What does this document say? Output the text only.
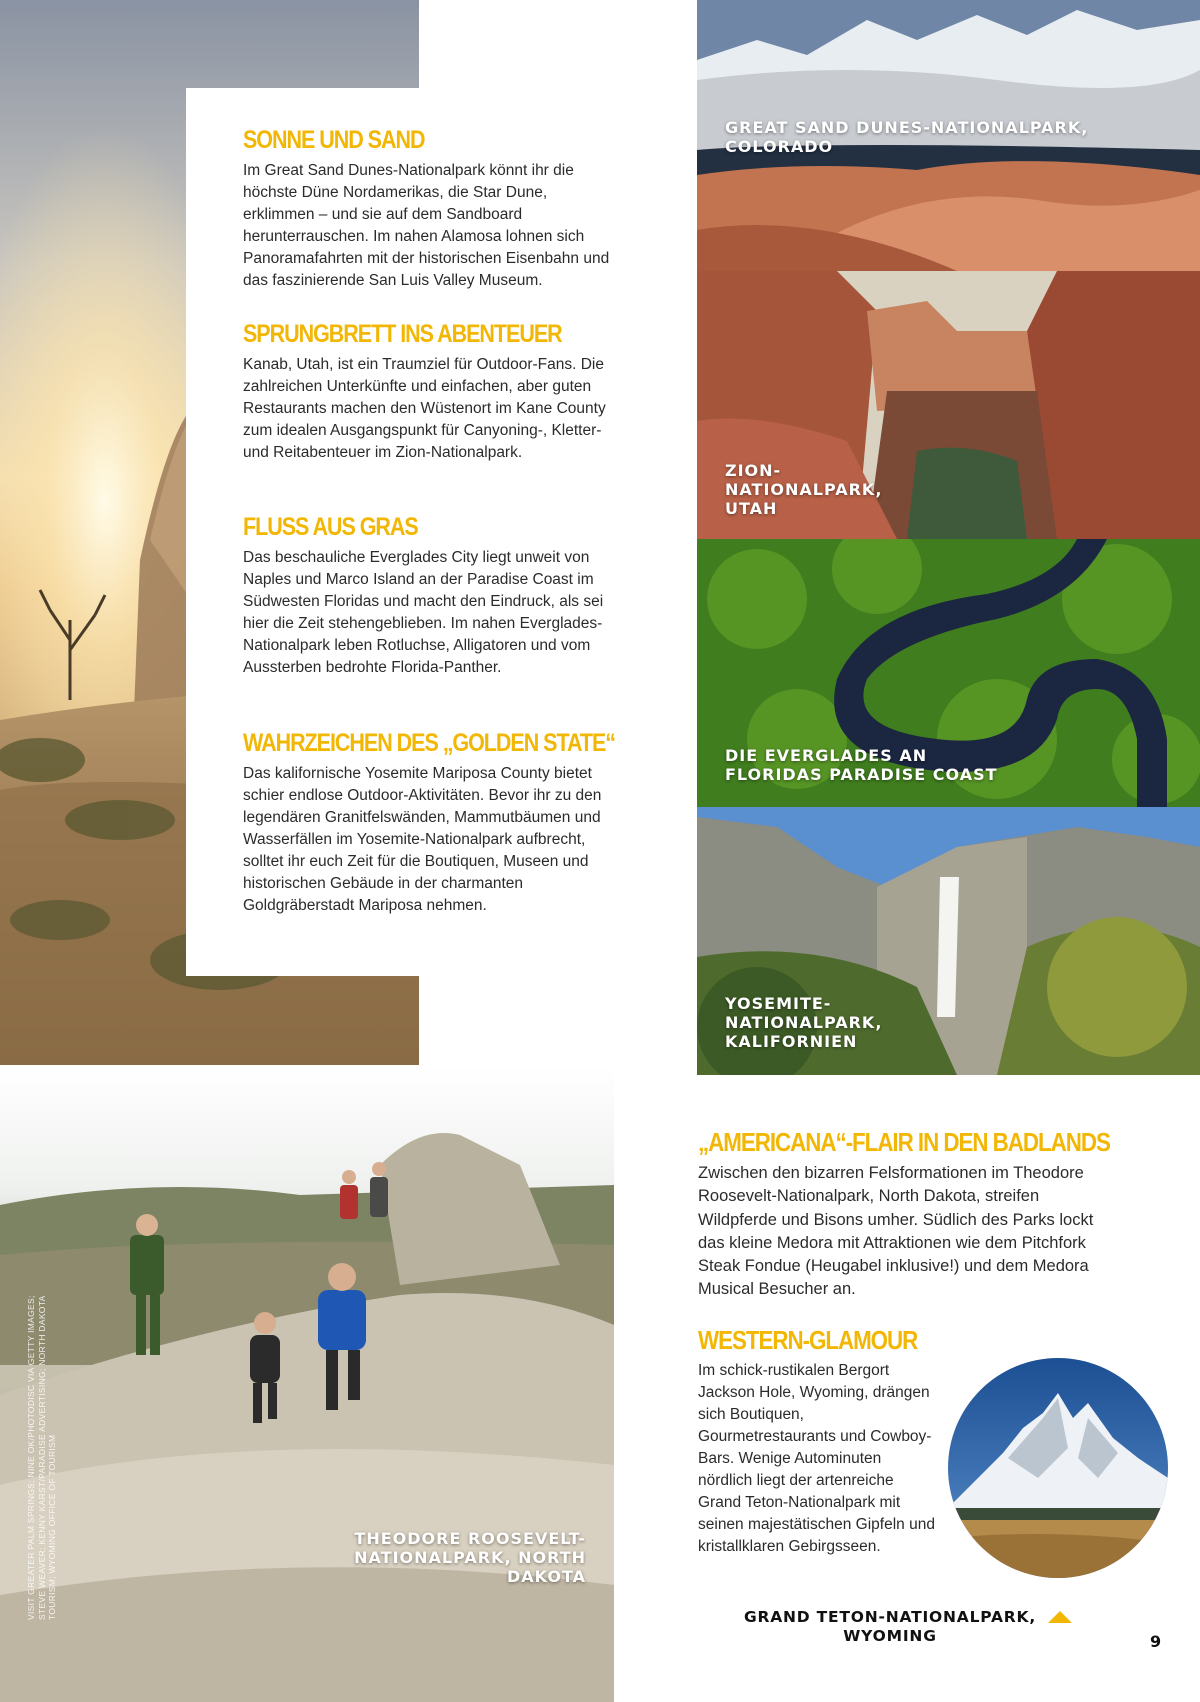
GREAT SAND DUNES-NATIONALPARK,
COLORADO
ZION-
NATIONALPARK,
UTAH
DIE EVERGLADES AN
FLORIDAS PARADISE COAST
YOSEMITE-
NATIONALPARK,
KALIFORNIEN
THEODORE ROOSEVELT-
NATIONALPARK, NORTH DAKOTA
VISIT GREATER PALM SPRINGS; NINE OK/PHOTODISC VIA GETTY IMAGES; STEVE WEAVER; KENNY KARST/PARADISE ADVERTISING; NORTH DAKOTA TOURISM; WYOMING OFFICE OF TOURISM
SONNE UND SAND

Im Great Sand Dunes-Nationalpark könnt ihr die höchste Düne Nordamerikas, die Star Dune, erklimmen – und sie auf dem Sandboard herunterrauschen. Im nahen Alamosa lohnen sich Panoramafahrten mit der historischen Eisenbahn und das faszinierende San Luis Valley Museum.

SPRUNGBRETT INS ABENTEUER

Kanab, Utah, ist ein Traumziel für Outdoor-Fans. Die zahlreichen Unterkünfte und einfachen, aber guten Restaurants machen den Wüstenort im Kane County zum idealen Ausgangspunkt für Canyoning-, Kletter- und Reitabenteuer im Zion-Nationalpark.

FLUSS AUS GRAS

Das beschauliche Everglades City liegt unweit von Naples und Marco Island an der Paradise Coast im Südwesten Floridas und macht den Eindruck, als sei hier die Zeit stehengeblieben. Im nahen Everglades-Nationalpark leben Rotluchse, Alligatoren und vom Aussterben bedrohte Florida-Panther.

WAHRZEICHEN DES „GOLDEN STATE“

Das kalifornische Yosemite Mariposa County bietet schier endlose Outdoor-Aktivitäten. Bevor ihr zu den legendären Granitfelswänden, Mammutbäumen und Wasserfällen im Yosemite-Nationalpark aufbrecht, solltet ihr euch Zeit für die Boutiquen, Museen und historischen Gebäude in der charmanten Goldgräberstadt Mariposa nehmen.

„AMERICANA“-FLAIR IN DEN BADLANDS

Zwischen den bizarren Felsformationen im Theodore Roosevelt-Nationalpark, North Dakota, streifen Wildpferde und Bisons umher. Südlich des Parks lockt das kleine Medora mit Attraktionen wie dem Pitchfork Steak Fondue (Heugabel inklusive!) und dem Medora Musical Besucher an.

WESTERN-GLAMOUR

Im schick-rustikalen Bergort Jackson Hole, Wyoming, drängen sich Boutiquen, Gourmetrestaurants und Cowboy-Bars. Wenige Autominuten nördlich liegt der artenreiche Grand Teton-Nationalpark mit seinen majestätischen Gipfeln und kristallklaren Gebirgsseen.

GRAND TETON-NATIONALPARK,
WYOMING	9
